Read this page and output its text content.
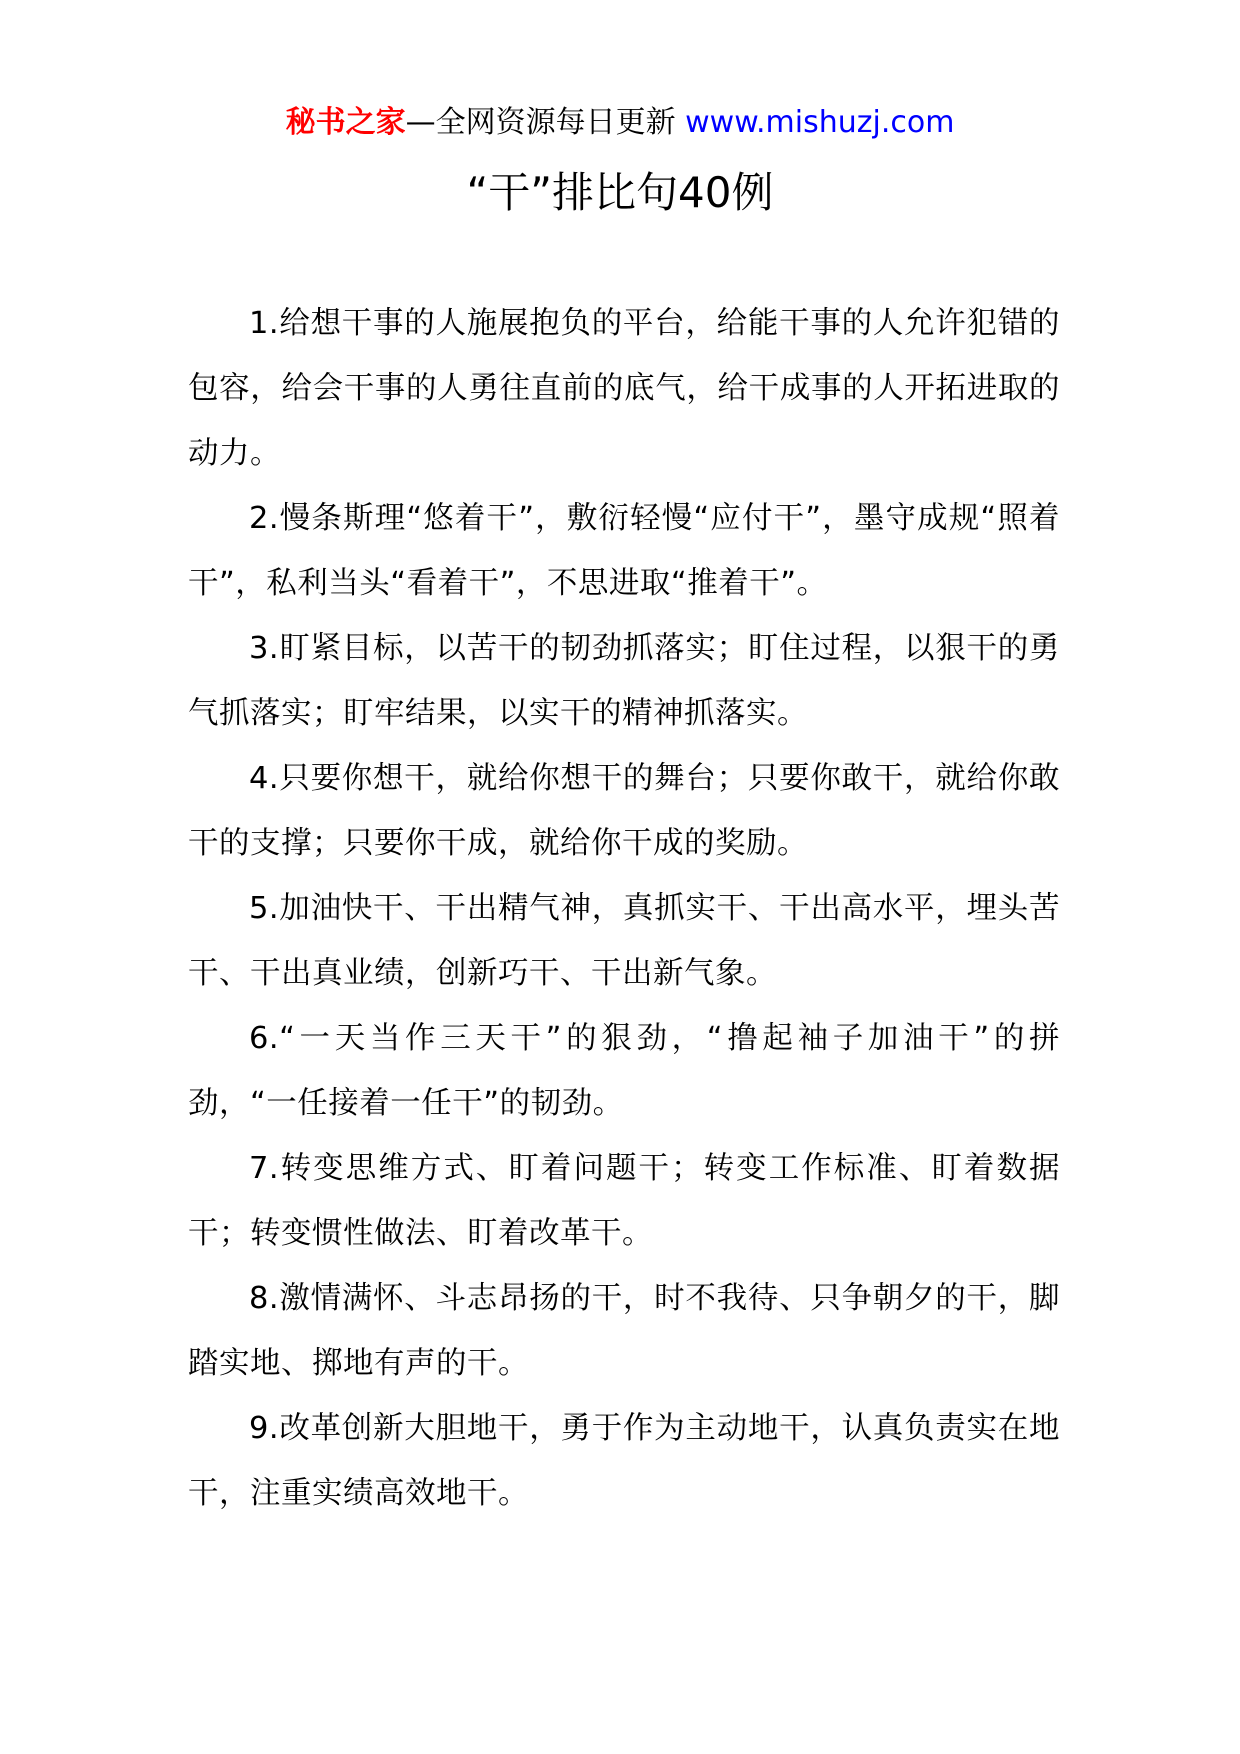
秘书之家—全网资源每日更新 www.mishuzj.com
“干”排比句40例

1.给想干事的人施展抱负的平台，给能干事的人允许犯错的包容，给会干事的人勇往直前的底气，给干成事的人开拓进取的动力。

2.慢条斯理“悠着干”，敷衍轻慢“应付干”，墨守成规“照着干”，私利当头“看着干”，不思进取“推着干”。

3.盯紧目标，以苦干的韧劲抓落实；盯住过程，以狠干的勇气抓落实；盯牢结果，以实干的精神抓落实。

4.只要你想干，就给你想干的舞台；只要你敢干，就给你敢干的支撑；只要你干成，就给你干成的奖励。

5.加油快干、干出精气神，真抓实干、干出高水平，埋头苦干、干出真业绩，创新巧干、干出新气象。

6.“一天当作三天干”的狠劲，“撸起袖子加油干”的拼劲，“一任接着一任干”的韧劲。

7.转变思维方式、盯着问题干；转变工作标准、盯着数据干；转变惯性做法、盯着改革干。

8.激情满怀、斗志昂扬的干，时不我待、只争朝夕的干，脚踏实地、掷地有声的干。

9.改革创新大胆地干，勇于作为主动地干，认真负责实在地干，注重实绩高效地干。
